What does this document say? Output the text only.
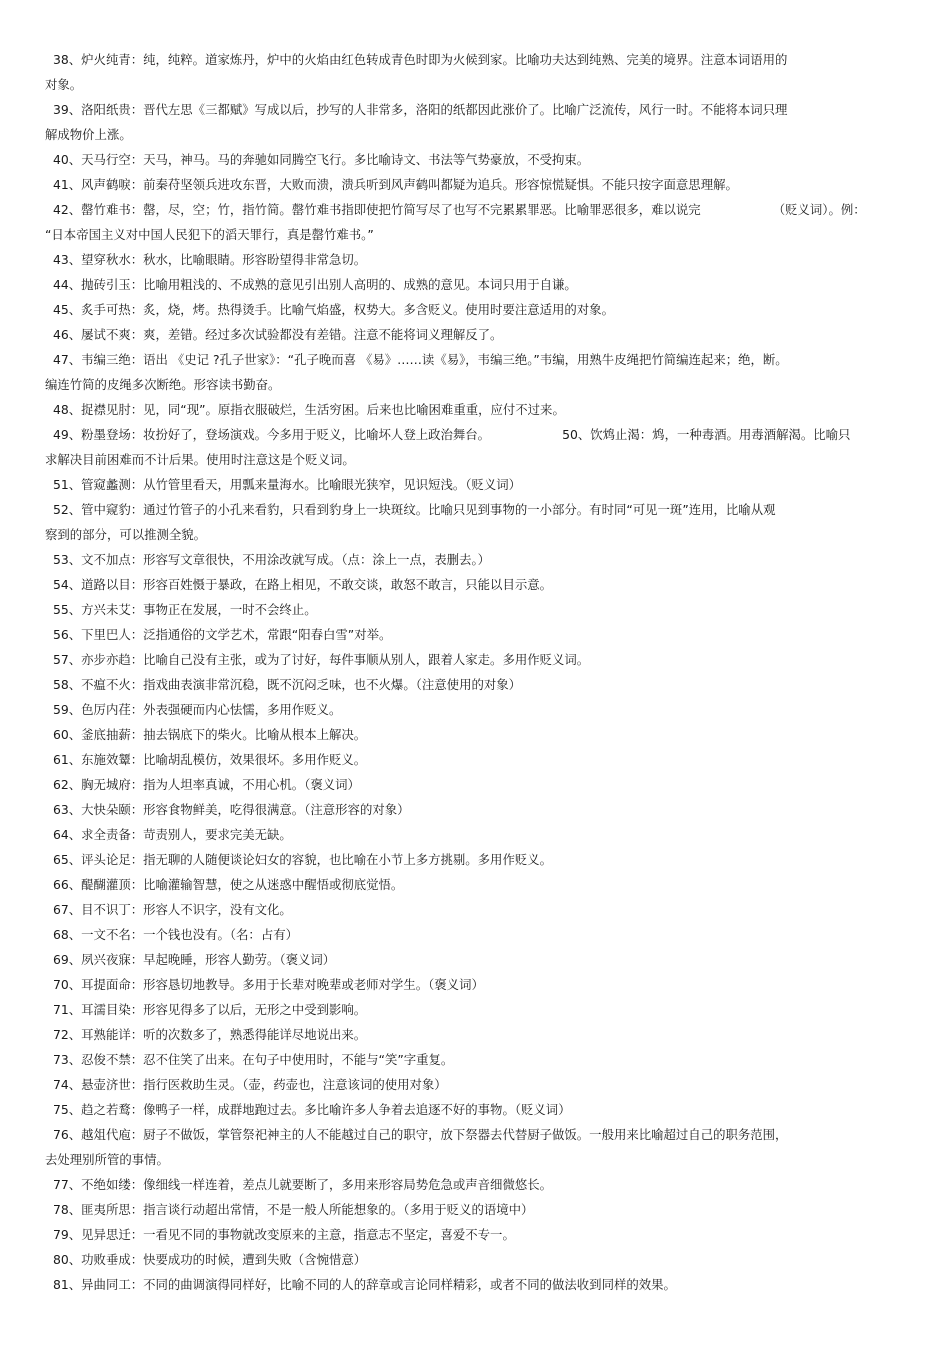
38、炉火纯青：纯，纯粹。道家炼丹，炉中的火焰由红色转成青色时即为火候到家。比喻功夫达到纯熟、完美的境界。注意本词语用的
对象。
39、洛阳纸贵：晋代左思《三都赋》写成以后，抄写的人非常多，洛阳的纸都因此涨价了。比喻广泛流传，风行一时。不能将本词只理
解成物价上涨。
40、天马行空：天马，神马。马的奔驰如同腾空飞行。多比喻诗文、书法等气势豪放，不受拘束。
41、风声鹤唳：前秦苻坚领兵进攻东晋，大败而溃，溃兵听到风声鹤叫都疑为追兵。形容惊慌疑惧。不能只按字面意思理解。
42、罄竹难书：罄，尽，空；竹，指竹简。罄竹难书指即使把竹简写尽了也写不完累累罪恶。比喻罪恶很多，难以说完	（贬义词）。例：
“日本帝国主义对中国人民犯下的滔天罪行，真是罄竹难书。”
43、望穿秋水：秋水，比喻眼睛。形容盼望得非常急切。
44、抛砖引玉：比喻用粗浅的、不成熟的意见引出别人高明的、成熟的意见。本词只用于自谦。
45、炙手可热：炙，烧，烤。热得烫手。比喻气焰盛，权势大。多含贬义。使用时要注意适用的对象。
46、屡试不爽：爽，差错。经过多次试验都没有差错。注意不能将词义理解反了。
47、韦编三绝：语出 《史记 ?孔子世家》：“孔子晚而喜 《易》……读《易》，韦编三绝。”韦编，用熟牛皮绳把竹简编连起来；绝，断。
编连竹简的皮绳多次断绝。形容读书勤奋。
48、捉襟见肘：见，同“现”。原指衣服破烂，生活穷困。后来也比喻困难重重，应付不过来。
49、粉墨登场：妆扮好了，登场演戏。今多用于贬义，比喻坏人登上政治舞台。	50、饮鸩止渴：鸩，一种毒酒。用毒酒解渴。比喻只
求解决目前困难而不计后果。使用时注意这是个贬义词。
51、管窥蠡测：从竹管里看天，用瓢来量海水。比喻眼光狭窄，见识短浅。（贬义词）
52、管中窥豹：通过竹管子的小孔来看豹，只看到豹身上一块斑纹。比喻只见到事物的一小部分。有时同“可见一斑”连用，比喻从观
察到的部分，可以推测全貌。
53、文不加点：形容写文章很快，不用涂改就写成。（点：涂上一点，表删去。）
54、道路以目：形容百姓慑于暴政，在路上相见，不敢交谈，敢怒不敢言，只能以目示意。
55、方兴未艾：事物正在发展，一时不会终止。
56、下里巴人：泛指通俗的文学艺术，常跟“阳春白雪”对举。
57、亦步亦趋：比喻自己没有主张，或为了讨好，每件事顺从别人，跟着人家走。多用作贬义词。
58、不瘟不火：指戏曲表演非常沉稳，既不沉闷乏味，也不火爆。（注意使用的对象）
59、色厉内荏：外表强硬而内心怯懦，多用作贬义。
60、釜底抽薪：抽去锅底下的柴火。比喻从根本上解决。
61、东施效颦：比喻胡乱模仿，效果很坏。多用作贬义。
62、胸无城府：指为人坦率真诚，不用心机。（褒义词）
63、大快朵颐：形容食物鲜美，吃得很满意。（注意形容的对象）
64、求全责备：苛责别人，要求完美无缺。
65、评头论足：指无聊的人随便谈论妇女的容貌，也比喻在小节上多方挑剔。多用作贬义。
66、醍醐灌顶：比喻灌输智慧，使之从迷惑中醒悟或彻底觉悟。
67、目不识丁：形容人不识字，没有文化。
68、一文不名：一个钱也没有。（名：占有）
69、夙兴夜寐：早起晚睡，形容人勤劳。（褒义词）
70、耳提面命：形容恳切地教导。多用于长辈对晚辈或老师对学生。（褒义词）
71、耳濡目染：形容见得多了以后，无形之中受到影响。
72、耳熟能详：听的次数多了，熟悉得能详尽地说出来。
73、忍俊不禁：忍不住笑了出来。在句子中使用时，不能与“笑”字重复。
74、悬壶济世：指行医救助生灵。（壶，药壶也，注意该词的使用对象）
75、趋之若鹜：像鸭子一样，成群地跑过去。多比喻许多人争着去追逐不好的事物。（贬义词）
76、越俎代庖：厨子不做饭，掌管祭祀神主的人不能越过自己的职守，放下祭器去代替厨子做饭。一般用来比喻超过自己的职务范围，
去处理别所管的事情。
77、不绝如缕：像细线一样连着，差点儿就要断了，多用来形容局势危急或声音细微悠长。
78、匪夷所思：指言谈行动超出常情，不是一般人所能想象的。（多用于贬义的语境中）
79、见异思迁：一看见不同的事物就改变原来的主意，指意志不坚定，喜爱不专一。
80、功败垂成：快要成功的时候，遭到失败（含惋惜意）
81、异曲同工：不同的曲调演得同样好，比喻不同的人的辞章或言论同样精彩，或者不同的做法收到同样的效果。
